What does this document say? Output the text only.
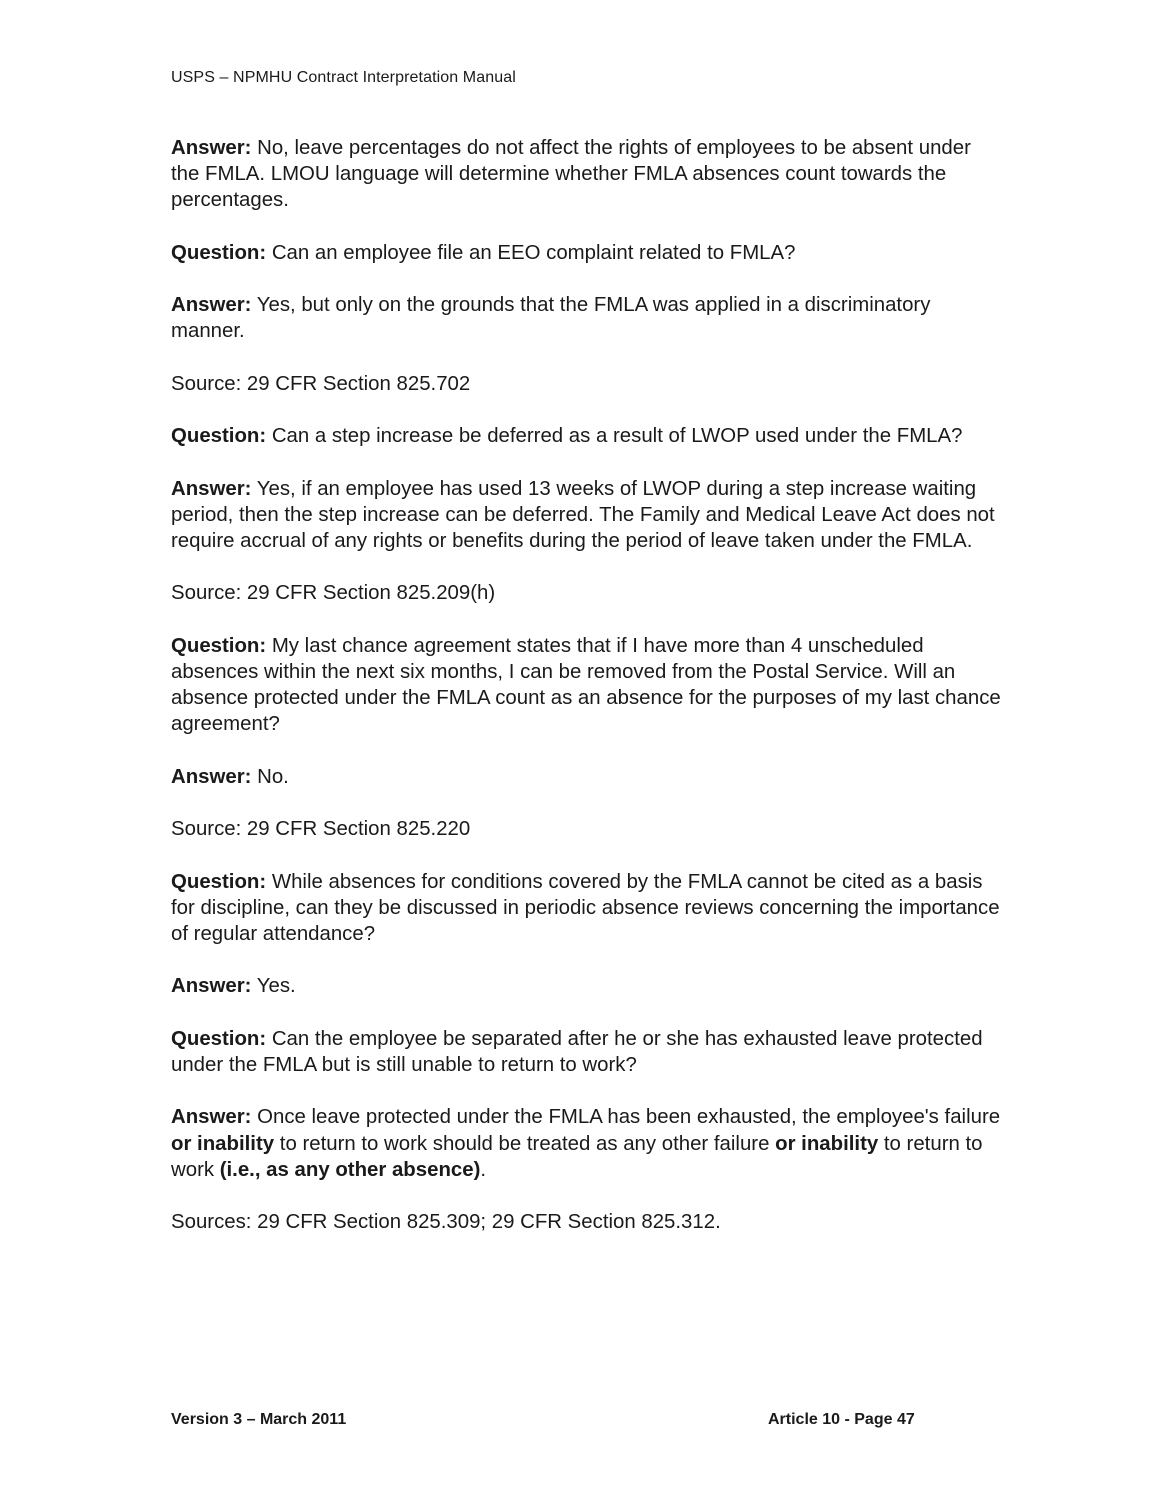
USPS – NPMHU Contract Interpretation Manual

Answer: No, leave percentages do not affect the rights of employees to be absent under the FMLA. LMOU language will determine whether FMLA absences count towards the percentages.

Question: Can an employee file an EEO complaint related to FMLA?

Answer: Yes, but only on the grounds that the FMLA was applied in a discriminatory manner.

Source: 29 CFR Section 825.702

Question: Can a step increase be deferred as a result of LWOP used under the FMLA?

Answer: Yes, if an employee has used 13 weeks of LWOP during a step increase waiting period, then the step increase can be deferred. The Family and Medical Leave Act does not require accrual of any rights or benefits during the period of leave taken under the FMLA.

Source: 29 CFR Section 825.209(h)

Question: My last chance agreement states that if I have more than 4 unscheduled absences within the next six months, I can be removed from the Postal Service. Will an absence protected under the FMLA count as an absence for the purposes of my last chance agreement?

Answer: No.

Source: 29 CFR Section 825.220

Question: While absences for conditions covered by the FMLA cannot be cited as a basis for discipline, can they be discussed in periodic absence reviews concerning the importance of regular attendance?

Answer: Yes.

Question: Can the employee be separated after he or she has exhausted leave protected under the FMLA but is still unable to return to work?

Answer: Once leave protected under the FMLA has been exhausted, the employee's failure or inability to return to work should be treated as any other failure or inability to return to work (i.e., as any other absence).

Sources: 29 CFR Section 825.309; 29 CFR Section 825.312.

Version 3 – March 2011	Article 10 - Page 47
